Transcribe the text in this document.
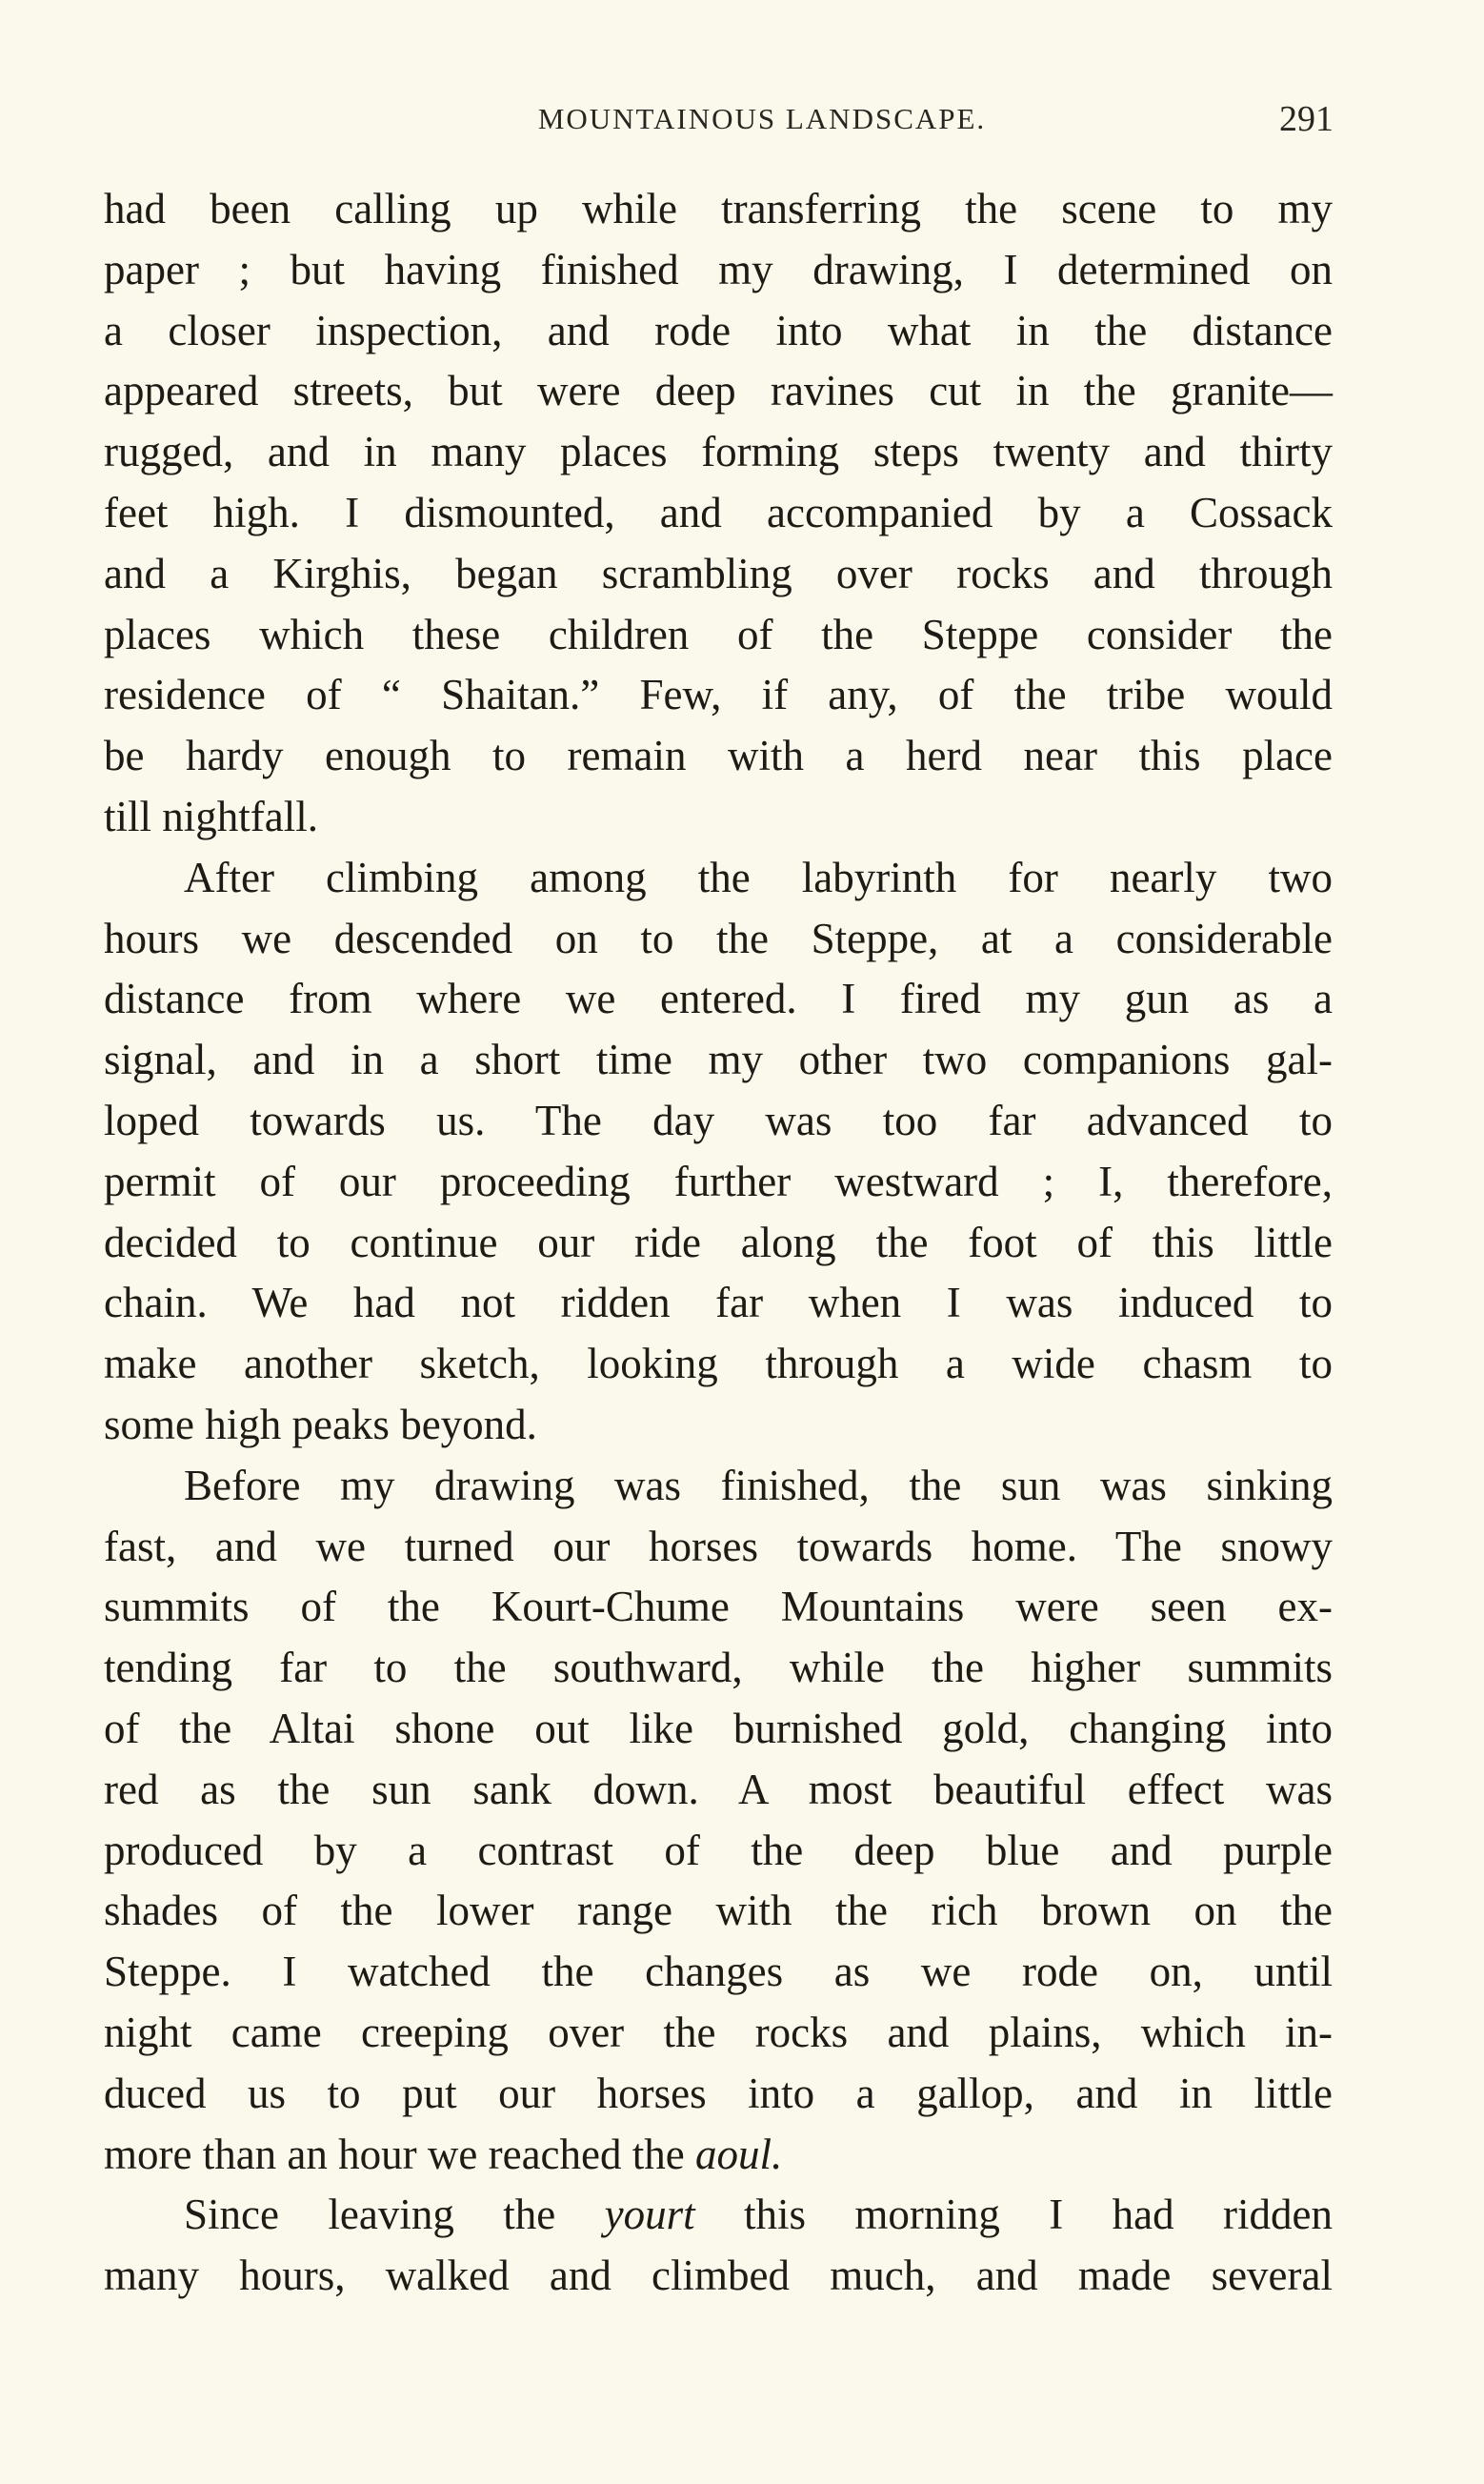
MOUNTAINOUS LANDSCAPE.	291
had been calling up while transferring the scene to my
paper ; but having finished my drawing, I determined on
a closer inspection, and rode into what in the distance
appeared streets, but were deep ravines cut in the granite—
rugged, and in many places forming steps twenty and thirty
feet high. I dismounted, and accompanied by a Cossack
and a Kirghis, began scrambling over rocks and through
places which these children of the Steppe consider the
residence of “ Shaitan.” Few, if any, of the tribe would
be hardy enough to remain with a herd near this place
till nightfall.
After climbing among the labyrinth for nearly two
hours we descended on to the Steppe, at a considerable
distance from where we entered. I fired my gun as a
signal, and in a short time my other two companions gal-
loped towards us. The day was too far advanced to
permit of our proceeding further westward ; I, therefore,
decided to continue our ride along the foot of this little
chain. We had not ridden far when I was induced to
make another sketch, looking through a wide chasm to
some high peaks beyond.
Before my drawing was finished, the sun was sinking
fast, and we turned our horses towards home. The snowy
summits of the Kourt-Chume Mountains were seen ex-
tending far to the southward, while the higher summits
of the Altai shone out like burnished gold, changing into
red as the sun sank down. A most beautiful effect was
produced by a contrast of the deep blue and purple
shades of the lower range with the rich brown on the
Steppe. I watched the changes as we rode on, until
night came creeping over the rocks and plains, which in-
duced us to put our horses into a gallop, and in little
more than an hour we reached the aoul.
Since leaving the yourt this morning I had ridden
many hours, walked and climbed much, and made several
